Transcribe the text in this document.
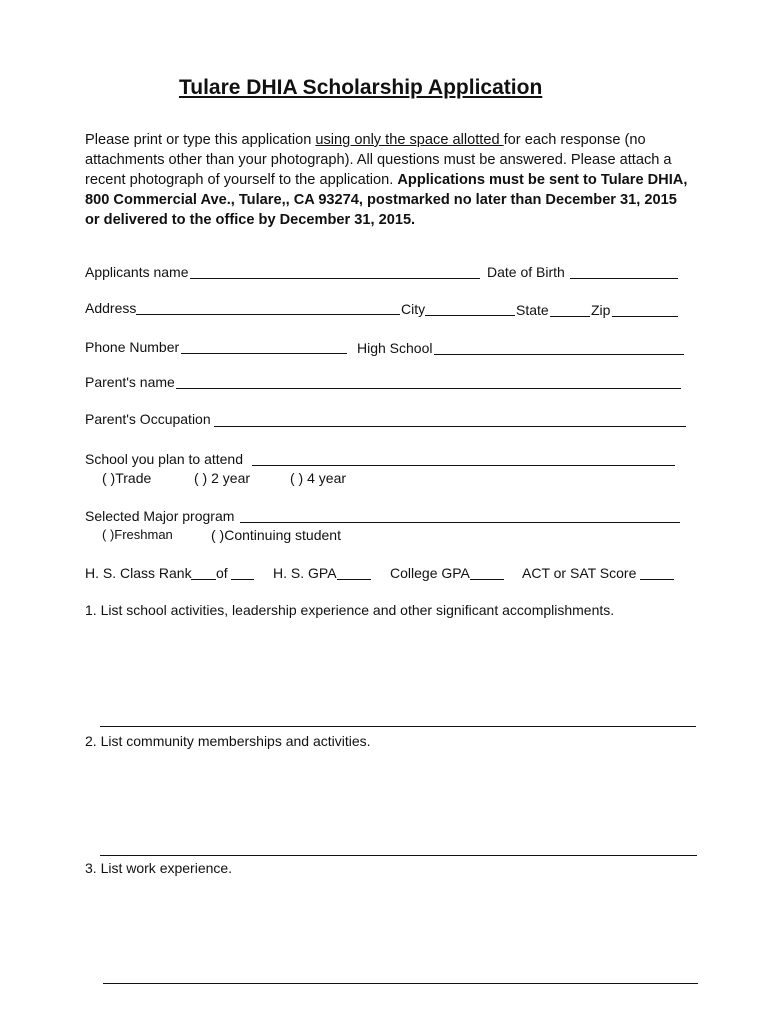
Tulare DHIA Scholarship Application
Please print or type this application using only the space allotted for each response (no attachments other than your photograph). All questions must be answered. Please attach a recent photograph of yourself to the application. Applications must be sent to Tulare DHIA, 800 Commercial Ave., Tulare,, CA 93274, postmarked no later than December 31, 2015 or delivered to the office by December 31, 2015.
Applicants name	Date of Birth
Address	City	State	Zip
Phone Number	High School
Parent's name
Parent's Occupation
School you plan to attend
( )Trade	( ) 2 year	( ) 4 year
Selected Major program
( )Freshman	( )Continuing student
H. S. Class Rank of	H. S. GPA	College GPA	ACT or SAT Score
1. List school activities, leadership experience and other significant accomplishments.
2. List community memberships and activities.
3. List work experience.
